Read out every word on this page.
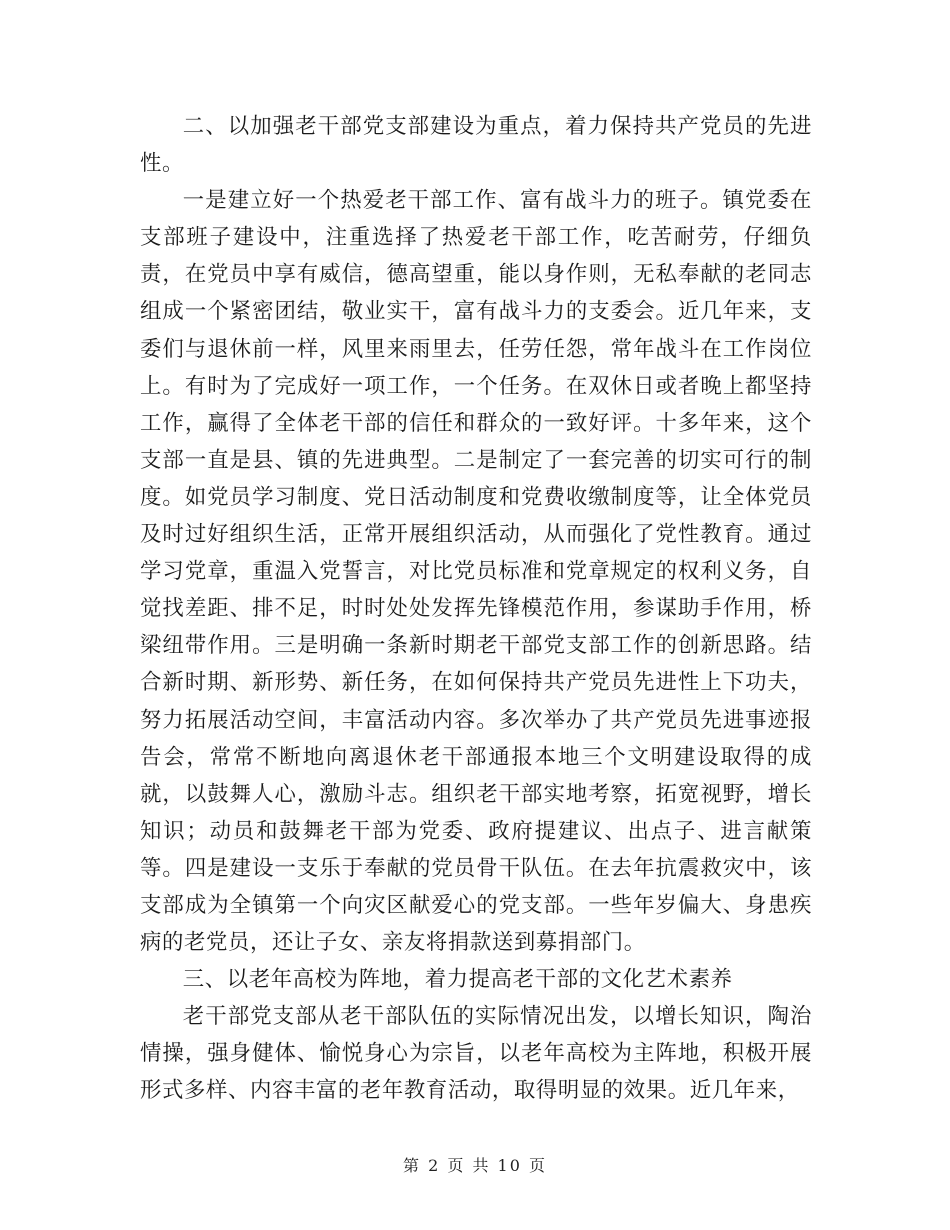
二、以加强老干部党支部建设为重点，着力保持共产党员的先进性。

一是建立好一个热爱老干部工作、富有战斗力的班子。镇党委在支部班子建设中，注重选择了热爱老干部工作，吃苦耐劳，仔细负责，在党员中享有威信，德高望重，能以身作则，无私奉献的老同志组成一个紧密团结，敬业实干，富有战斗力的支委会。近几年来，支委们与退休前一样，风里来雨里去，任劳任怨，常年战斗在工作岗位上。有时为了完成好一项工作，一个任务。在双休日或者晚上都坚持工作，赢得了全体老干部的信任和群众的一致好评。十多年来，这个支部一直是县、镇的先进典型。二是制定了一套完善的切实可行的制度。如党员学习制度、党日活动制度和党费收缴制度等，让全体党员及时过好组织生活，正常开展组织活动，从而强化了党性教育。通过学习党章，重温入党誓言，对比党员标准和党章规定的权利义务，自觉找差距、排不足，时时处处发挥先锋模范作用，参谋助手作用，桥梁纽带作用。三是明确一条新时期老干部党支部工作的创新思路。结合新时期、新形势、新任务，在如何保持共产党员先进性上下功夫，努力拓展活动空间，丰富活动内容。多次举办了共产党员先进事迹报告会，常常不断地向离退休老干部通报本地三个文明建设取得的成就，以鼓舞人心，激励斗志。组织老干部实地考察，拓宽视野，增长知识；动员和鼓舞老干部为党委、政府提建议、出点子、进言献策等。四是建设一支乐于奉献的党员骨干队伍。在去年抗震救灾中，该支部成为全镇第一个向灾区献爱心的党支部。一些年岁偏大、身患疾病的老党员，还让子女、亲友将捐款送到募捐部门。

三、以老年高校为阵地，着力提高老干部的文化艺术素养

老干部党支部从老干部队伍的实际情况出发，以增长知识，陶治情操，强身健体、愉悦身心为宗旨，以老年高校为主阵地，积极开展形式多样、内容丰富的老年教育活动，取得明显的效果。近几年来，

第 2 页 共 10 页
